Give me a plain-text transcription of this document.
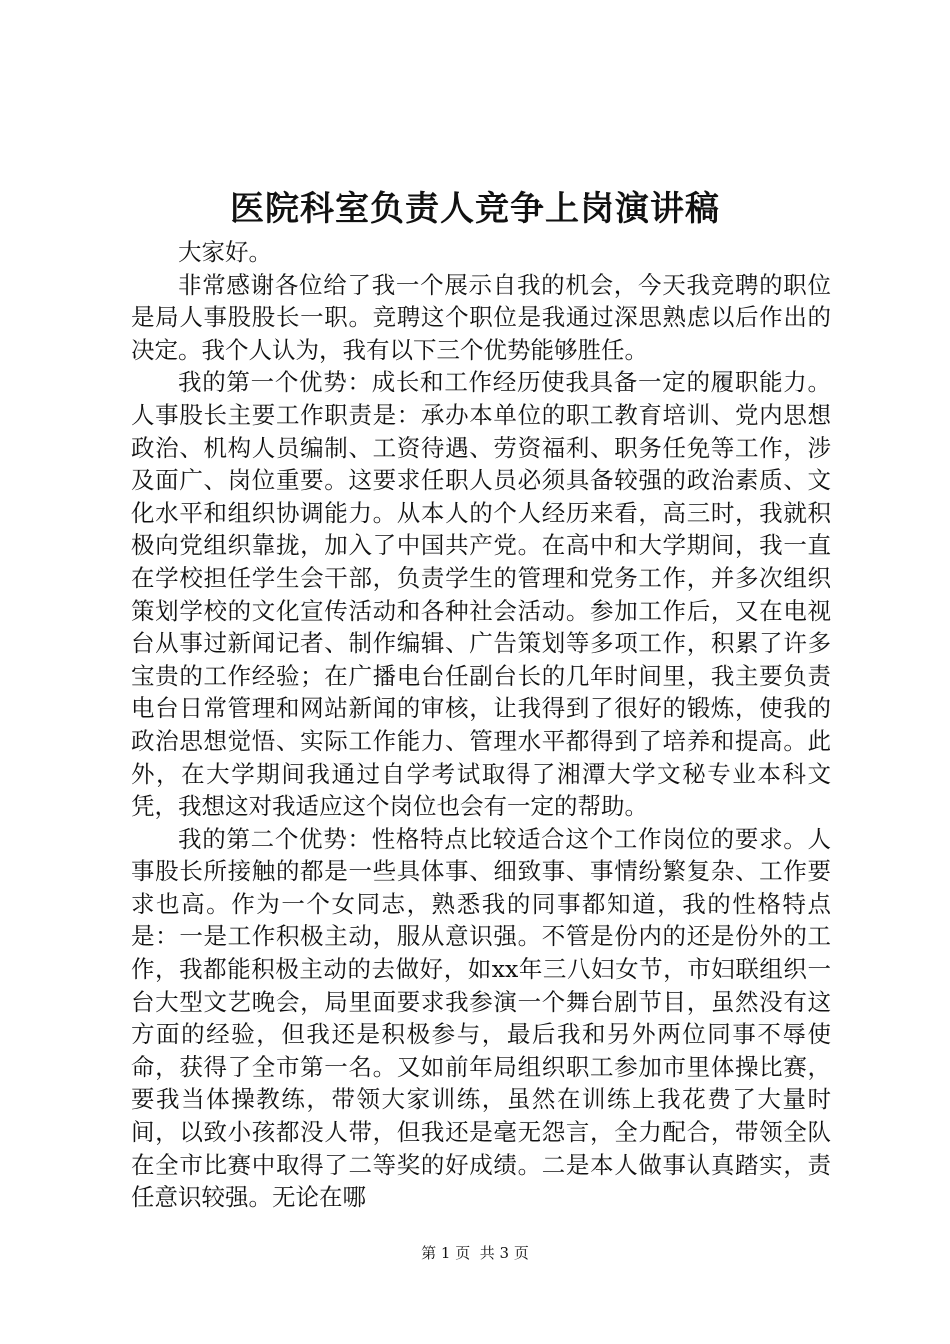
医院科室负责人竞争上岗演讲稿

大家好。

非常感谢各位给了我一个展示自我的机会，今天我竞聘的职位是局人事股股长一职。竞聘这个职位是我通过深思熟虑以后作出的决定。我个人认为，我有以下三个优势能够胜任。

我的第一个优势：成长和工作经历使我具备一定的履职能力。人事股长主要工作职责是：承办本单位的职工教育培训、党内思想政治、机构人员编制、工资待遇、劳资福利、职务任免等工作，涉及面广、岗位重要。这要求任职人员必须具备较强的政治素质、文化水平和组织协调能力。从本人的个人经历来看，高三时，我就积极向党组织靠拢，加入了中国共产党。在高中和大学期间，我一直在学校担任学生会干部，负责学生的管理和党务工作，并多次组织策划学校的文化宣传活动和各种社会活动。参加工作后，又在电视台从事过新闻记者、制作编辑、广告策划等多项工作，积累了许多宝贵的工作经验；在广播电台任副台长的几年时间里，我主要负责电台日常管理和网站新闻的审核，让我得到了很好的锻炼，使我的政治思想觉悟、实际工作能力、管理水平都得到了培养和提高。此外，在大学期间我通过自学考试取得了湘潭大学文秘专业本科文凭，我想这对我适应这个岗位也会有一定的帮助。

我的第二个优势：性格特点比较适合这个工作岗位的要求。人事股长所接触的都是一些具体事、细致事、事情纷繁复杂、工作要求也高。作为一个女同志，熟悉我的同事都知道，我的性格特点是：一是工作积极主动，服从意识强。不管是份内的还是份外的工作，我都能积极主动的去做好，如xx年三八妇女节，市妇联组织一台大型文艺晚会，局里面要求我参演一个舞台剧节目，虽然没有这方面的经验，但我还是积极参与，最后我和另外两位同事不辱使命，获得了全市第一名。又如前年局组织职工参加市里体操比赛，要我当体操教练，带领大家训练，虽然在训练上我花费了大量时间，以致小孩都没人带，但我还是毫无怨言，全力配合，带领全队在全市比赛中取得了二等奖的好成绩。二是本人做事认真踏实，责任意识较强。无论在哪

第 1 页  共 3 页
